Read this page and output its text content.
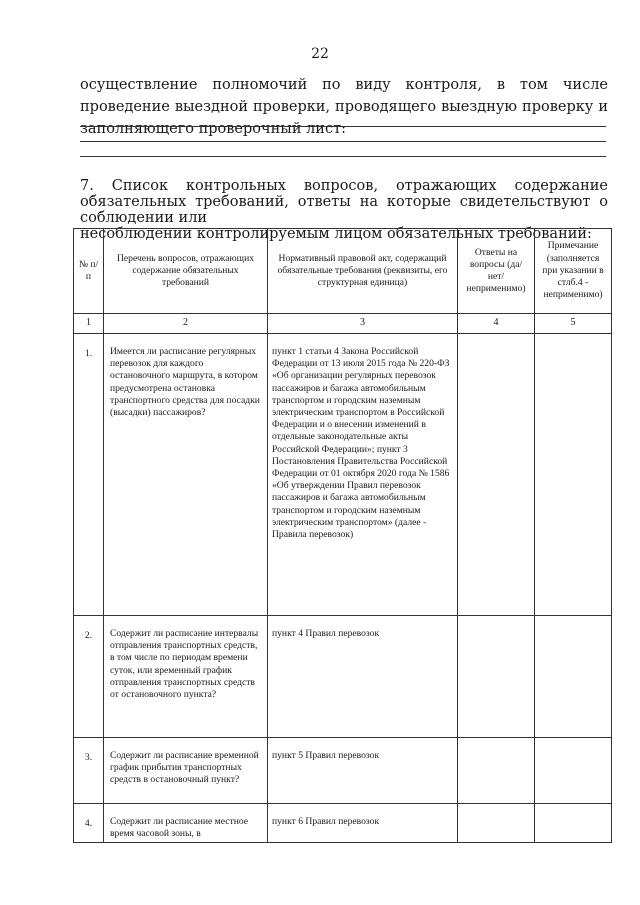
22

осуществление полномочий по виду контроля, в том числе проведение выездной проверки, проводящего выездную проверку и заполняющего проверочный лист:

7. Список контрольных вопросов, отражающих содержание обязательных требований, ответы на которые свидетельствуют о соблюдении или

несоблюдении контролируемым лицом обязательных требований:

№ п/п	Перечень вопросов, отражающих содержание обязательных требований	Нормативный правовой акт, содержащий обязательные требования (реквизиты, его структурная единица)	Ответы на вопросы (да/нет/ неприменимо)	Примечание (заполняется при указании в стлб.4 - неприменимо)
1	2	3	4	5
1.	Имеется ли расписание регулярных перевозок для каждого остановочного маршрута, в котором предусмотрена остановка транспортного средства для посадки (высадки) пассажиров?	пункт 1 статьи 4 Закона Российской Федерации от 13 июля 2015 года № 220-ФЗ «Об организации регулярных перевозок пассажиров и багажа автомобильным транспортом и городским наземным электрическим транспортом в Российской Федерации и о внесении изменений в отдельные законодательные акты Российской Федерации»; пункт 3 Постановления Правительства Российской Федерации от 01 октября 2020 года № 1586 «Об утверждении Правил перевозок пассажиров и багажа автомобильным транспортом и городским наземным электрическим транспортом» (далее - Правила перевозок)		
2.	Содержит ли расписание интервалы отправления транспортных средств, в том числе по периодам времени суток, или временный график отправления транспортных средств от остановочного пункта?	пункт 4 Правил перевозок		
3.	Содержит ли расписание временной график прибытия транспортных средств в остановочный пункт?	пункт 5 Правил перевозок		
4.	Содержит ли расписание местное время часовой зоны, в	пункт 6 Правил перевозок		
